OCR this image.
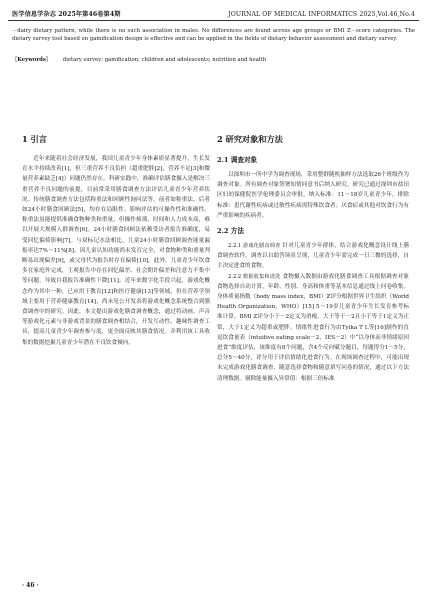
医学信息学杂志 2025年第46卷第4期	JOURNAL OF MEDICAL INFORMATICS 2025,Vol.46,No.4
－dairy dietary pattern, while there is no such association in males. No differences are found across age groups or BMI Z－score categories. The dietary survey tool based on gamification design is effective and can be applied in the fields of dietary behavior assessment and dietary survey.
［Keywords］ dietary survey; gamification; children and adolescents; nutrition and health
1 引言

近年来随着社会经济发展，我国儿童青少年身体素质显著提升，生长发育水平持续改善[1]，但三重营养不良负担（超重肥胖[2]，营养不足[3]和微量营养素缺乏[4]）问题仍然存在。科研实践中，准确评估膳食摄入是解决三重营养不良问题的前提，目前常采用膳食调查方法评估儿童青少年营养状况。传统膳食调查方法包括称重法和回顾性询问法等，前者如称重法、后者如24小时膳食回顾法[5]，均存在局限性。影响评估的可操作性和准确性。称重法虽能提供准确食物种类和重量，但操作烦琐，时间和人力成本高，难以开展大规模人群调查[6]。24小时膳食回顾法依赖受访者报告准确度，易受回忆偏倚影响[7]。与双标记水法相比，儿童24小时膳食回顾调查能量漏报率达7%～11%[8]。因儿童认知功能尚未发育完全，对食物种类和重量判断易出现偏差[9]，或父母代为报告时存在偏倚[10]。此外，儿童青少年饮食多在家庭外完成，主观报告中存在回忆偏差、社会期许偏差和注意力不集中等问题，导致自我报告准确性下降[11]。近年来数字化手段兴起，游戏化概念作为其中一种，已应用于教育[12]和医疗健康[13]等领域，但在营养学领域主要用于营养健康教育[14]，尚未见公开发表将游戏化概念系统整合到膳食调查中的研究。因此，本文提出游戏化膳食调查概念，通过将动画、声音等游戏化元素与非游戏背景的膳食调查相结合，开发互动性、趣味性调查工具，提高儿童青少年调查参与度，更全面反映其膳食情况。并利用该工具收集的数据挖掘儿童青少年潜在不良饮食倾向。

2 研究对象和方法
2.1 调查对象

以深圳市一所中学为调查现场，采用整群随机抽样方法选取26个班级作为调查对象。所有调查对象签署知情同意书后纳入研究。研究已通过深圳市盐田区妇幼保健院医学伦理委员会审批。纳入标准：11～18岁儿童青少年。排除标准：患代谢性疾病或过敏性疾病需特殊饮食者；厌食症或其他对饮食行为有严重影响的疾病者。

2.2 方法

2.2.1 游戏化膳食调查 针对儿童青少年群体，结合游戏化概念设计线上膳食调查软件。调查以自助答场景呈现，儿童青少年需完成一日三餐的选择，自主决定进食的食物。

2.2.2 数据收集和清洗 食物摄入数据由游戏化膳食调查工具根据调查对象食物选择自动计算。年龄、性别、身高和体重等基本信息通过线上问卷收集。身体质量指数（body mass index，BMI）Z评分根据世界卫生组织（World Health Organization，WHO）[15] 5～19岁儿童青少年生长发育参考标准计算。BMI Z评分小于－2定义为消瘦，大于等于－2且小于等于1定义为正常，大于1定义为超重或肥胖。情绪性进食行为由Tylka T L等[16]制作的直觉饮食量表（intuitive eating scale－2，IES－2）中“以身体而非情绪原因进食”维度评估，该维度有8个问题，含4个反向赋分题目，每题得分1～5分，总分5～40分，评分用于评估情绪化进食行为。在现场调查过程中，可能出现未完成游戏化膳食调查、随意选择食物和随意填写问卷的情况，通过以下方法清理数据。剔除能量摄入异常值：根据三倍标准

· 46 ·
